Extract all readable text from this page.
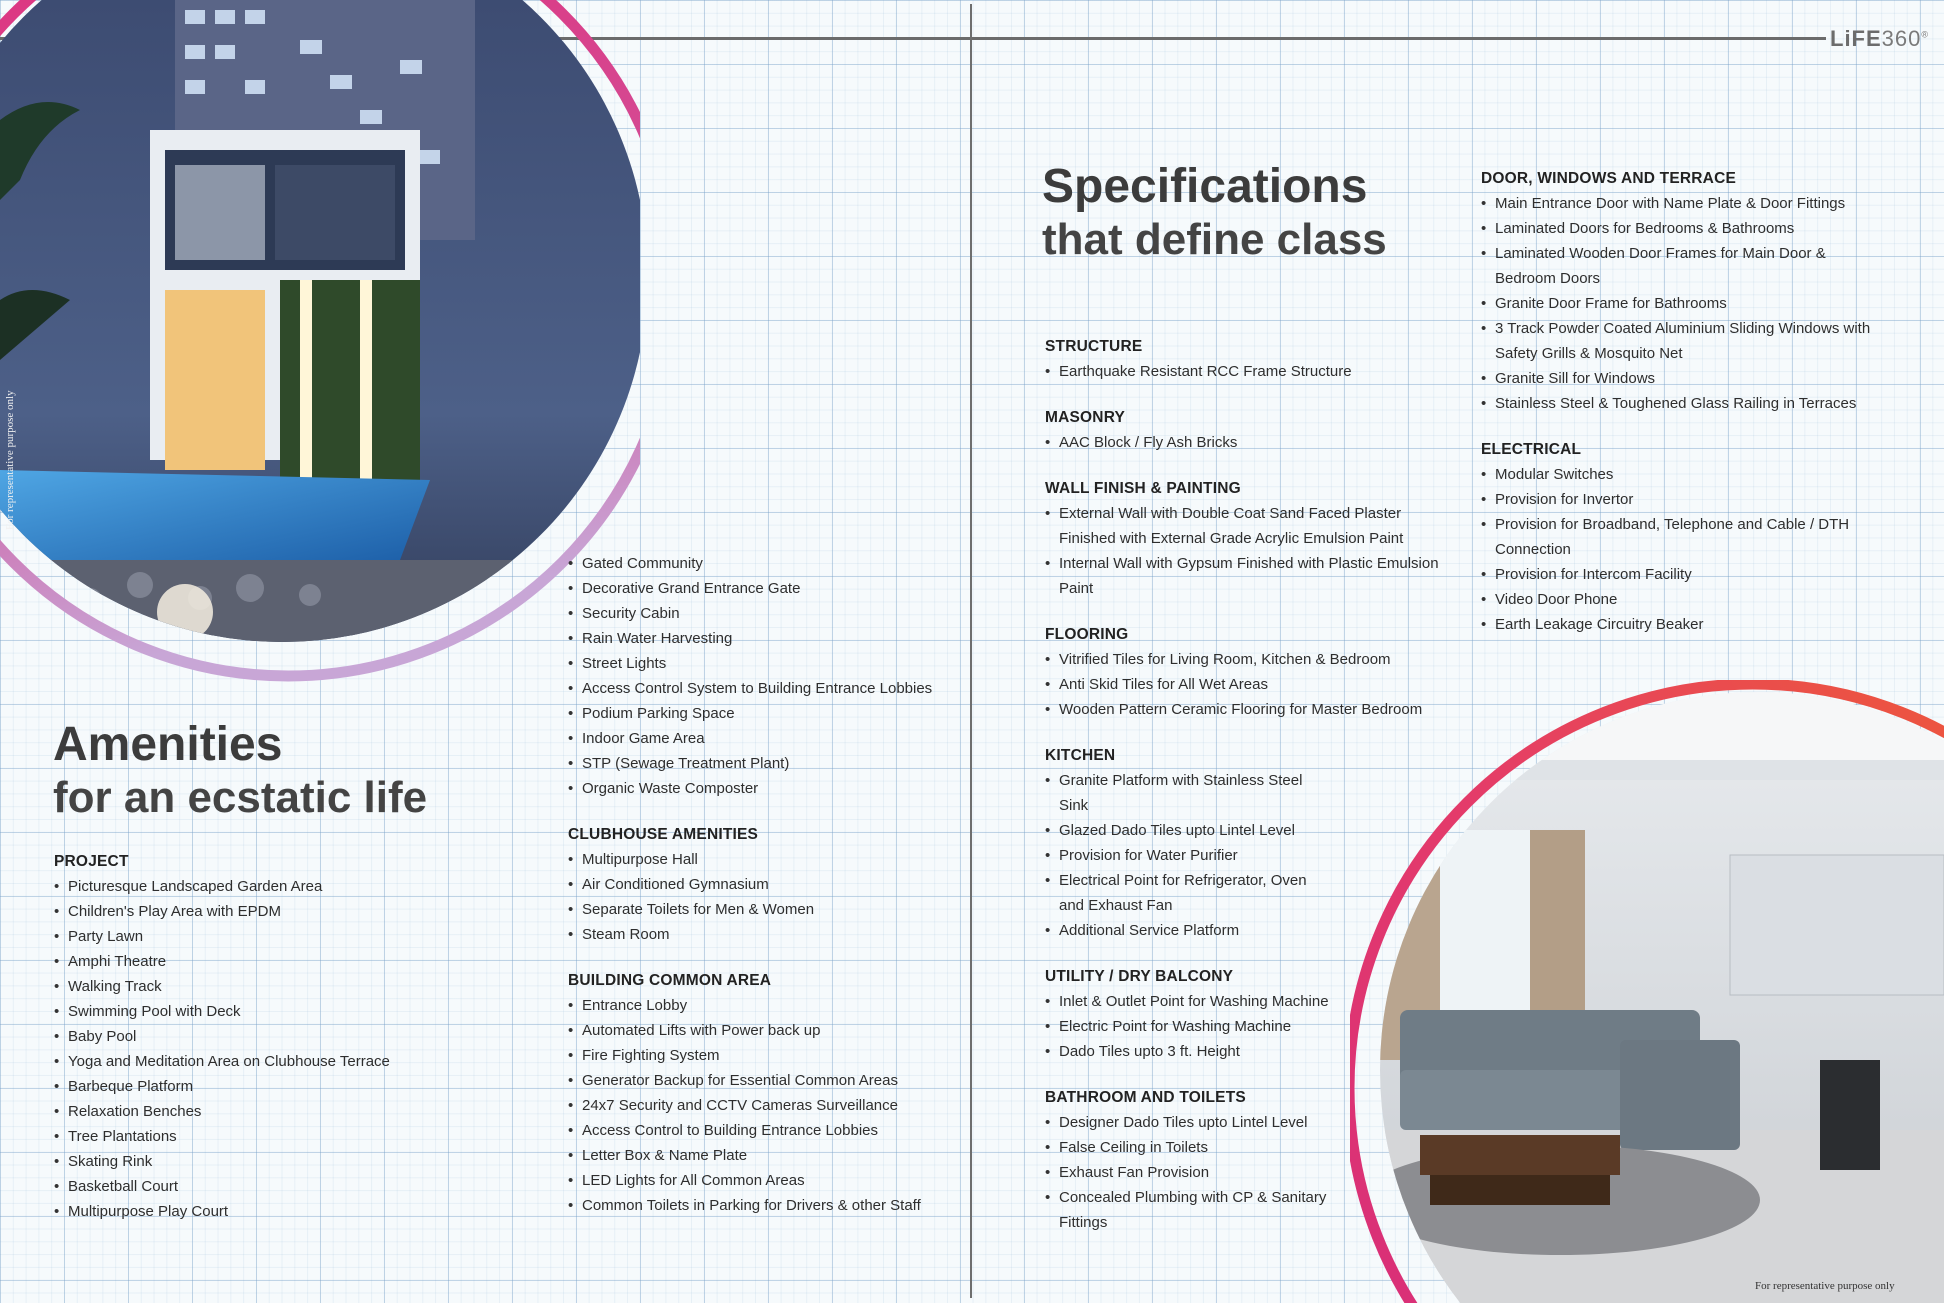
LiFE360®
For representative purpose only
For representative purpose only
Amenities
for an ecstatic life
PROJECT
• Picturesque Landscaped Garden Area
• Children's Play Area with EPDM
• Party Lawn
• Amphi Theatre
• Walking Track
• Swimming Pool with Deck
• Baby Pool
• Yoga and Meditation Area on Clubhouse Terrace
• Barbeque Platform
• Relaxation Benches
• Tree Plantations
• Skating Rink
• Basketball Court
• Multipurpose Play Court
• Gated Community
• Decorative Grand Entrance Gate
• Security Cabin
• Rain Water Harvesting
• Street Lights
• Access Control System to Building Entrance Lobbies
• Podium Parking Space
• Indoor Game Area
• STP (Sewage Treatment Plant)
• Organic Waste Composter
CLUBHOUSE AMENITIES
• Multipurpose Hall
• Air Conditioned Gymnasium
• Separate Toilets for Men & Women
• Steam Room
BUILDING COMMON AREA
• Entrance Lobby
• Automated Lifts with Power back up
• Fire Fighting System
• Generator Backup for Essential Common Areas
• 24x7 Security and CCTV Cameras Surveillance
• Access Control to Building Entrance Lobbies
• Letter Box & Name Plate
• LED Lights for All Common Areas
• Common Toilets in Parking for Drivers & other Staff
Specifications
that define class
STRUCTURE
• Earthquake Resistant RCC Frame Structure
MASONRY
• AAC Block / Fly Ash Bricks
WALL FINISH & PAINTING
• External Wall with Double Coat Sand Faced Plaster Finished with External Grade Acrylic Emulsion Paint
• Internal Wall with Gypsum Finished with Plastic Emulsion Paint
FLOORING
• Vitrified Tiles for Living Room, Kitchen & Bedroom
• Anti Skid Tiles for All Wet Areas
• Wooden Pattern Ceramic Flooring for Master Bedroom
KITCHEN
• Granite Platform with Stainless Steel Sink
• Glazed Dado Tiles upto Lintel Level
• Provision for Water Purifier
• Electrical Point for Refrigerator, Oven and Exhaust Fan
• Additional Service Platform
UTILITY / DRY BALCONY
• Inlet & Outlet Point for Washing Machine
• Electric Point for Washing Machine
• Dado Tiles upto 3 ft. Height
BATHROOM AND TOILETS
• Designer Dado Tiles upto Lintel Level
• False Ceiling in Toilets
• Exhaust Fan Provision
• Concealed Plumbing with CP & Sanitary Fittings
DOOR, WINDOWS AND TERRACE
• Main Entrance Door with Name Plate & Door Fittings
• Laminated Doors for Bedrooms & Bathrooms
• Laminated Wooden Door Frames for Main Door & Bedroom Doors
• Granite Door Frame for Bathrooms
• 3 Track Powder Coated Aluminium Sliding Windows with Safety Grills & Mosquito Net
• Granite Sill for Windows
• Stainless Steel & Toughened Glass Railing in Terraces
ELECTRICAL
• Modular Switches
• Provision for Invertor
• Provision for Broadband, Telephone and Cable / DTH Connection
• Provision for Intercom Facility
• Video Door Phone
• Earth Leakage Circuitry Beaker
